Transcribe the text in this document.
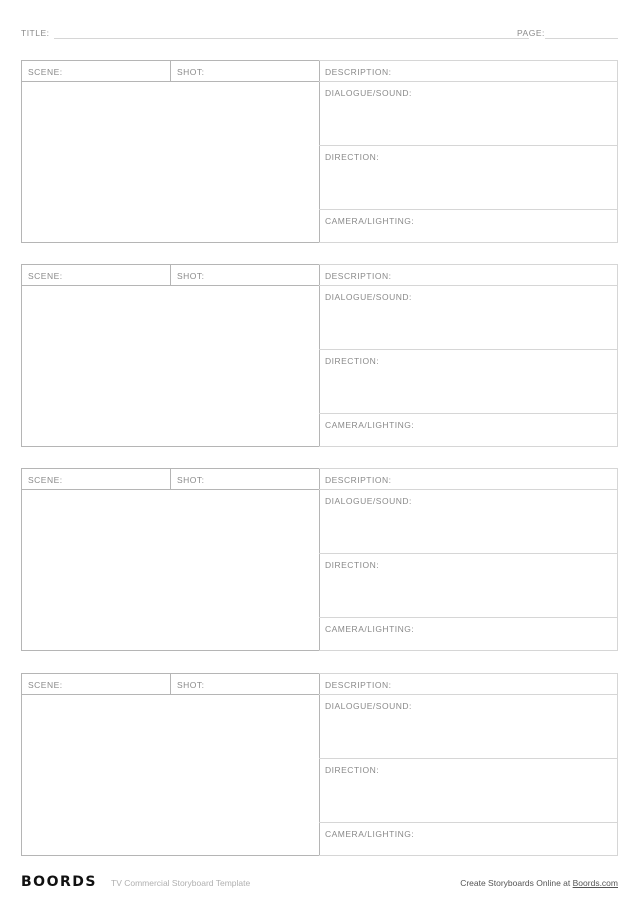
TITLE:	PAGE:
SCENE:	SHOT:	DESCRIPTION:
DIALOGUE/SOUND:
DIRECTION:
CAMERA/LIGHTING:
SCENE:	SHOT:	DESCRIPTION:
DIALOGUE/SOUND:
DIRECTION:
CAMERA/LIGHTING:
SCENE:	SHOT:	DESCRIPTION:
DIALOGUE/SOUND:
DIRECTION:
CAMERA/LIGHTING:
SCENE:	SHOT:	DESCRIPTION:
DIALOGUE/SOUND:
DIRECTION:
CAMERA/LIGHTING:
BOORDS TV Commercial Storyboard Template	Create Storyboards Online at Boords.com
